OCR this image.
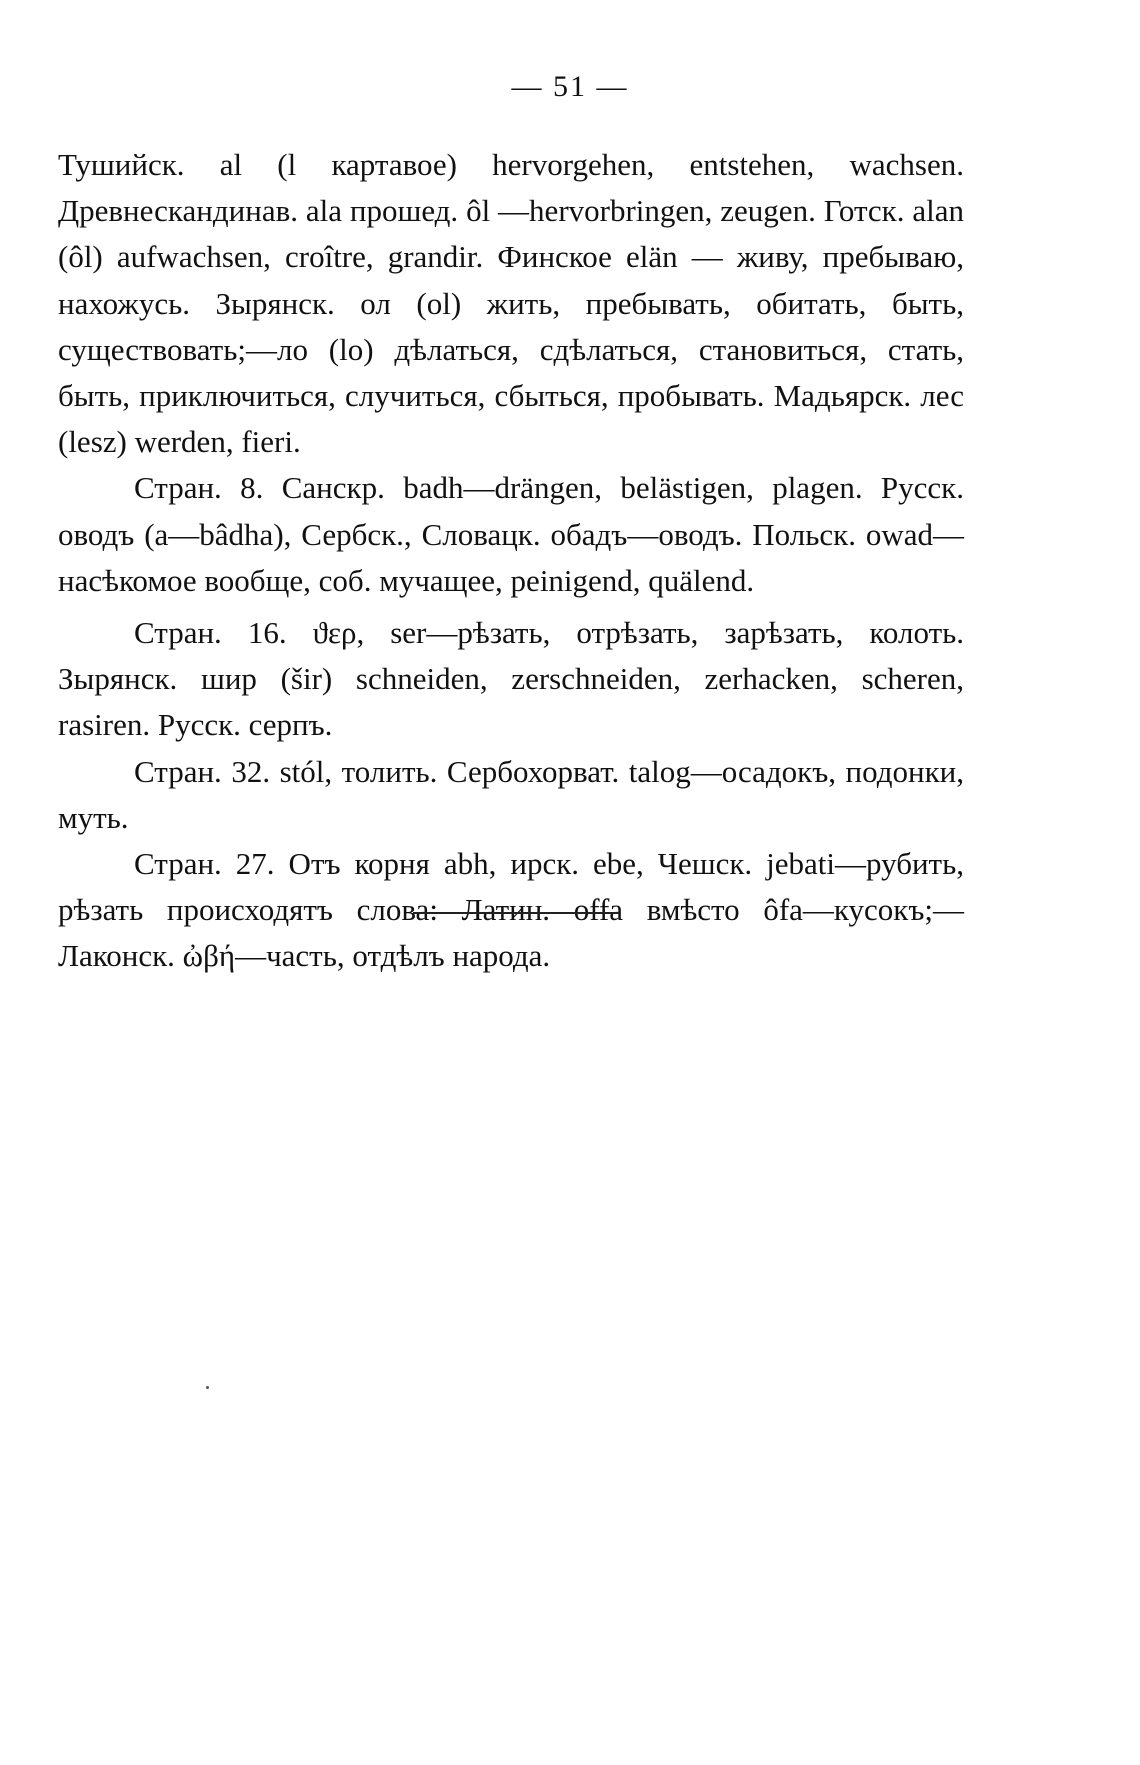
— 51 —

Тушийск. al (l картавое) hervorgehen, entstehen, wachsen. Древнескандинав. ala прошед. ôl —hervorbringen, zeugen. Готск. alan (ôl) aufwachsen, croître, grandir. Финское elän — живу, пребываю, нахожусь. Зырянск. ол (ol) жить, пребывать, обитать, быть, существовать;—ло (lo) дѣлаться, сдѣлаться, становиться, стать, быть, приключиться, случиться, сбыться, пробывать. Мадьярск. лес (lesz) werden, fieri.

Стран. 8. Санскр. badh—drängen, belästigen, plagen. Русск. оводъ (а—bâdha), Сербск., Словацк. обадъ—оводъ. Польск. owad—насѣкомое вообще, соб. мучащее, peinigend, quälend.

Стран. 16. ϑερ, ser—рѣзать, отрѣзать, зарѣзать, колоть. Зырянск. шир (šir) schneiden, zerschneiden, zerhacken, scheren, rasiren. Русск. серпъ.

Стран. 32. stól, толить. Сербохорват. talog—осадокъ, подонки, муть.

Стран. 27. Отъ корня abh, ирск. ebe, Чешск. jebati—рубить, рѣзать происходятъ слова: Латин. offa вмѣсто ôfa—кусокъ;—Лаконск. ὠβή—часть, отдѣлъ народа.
